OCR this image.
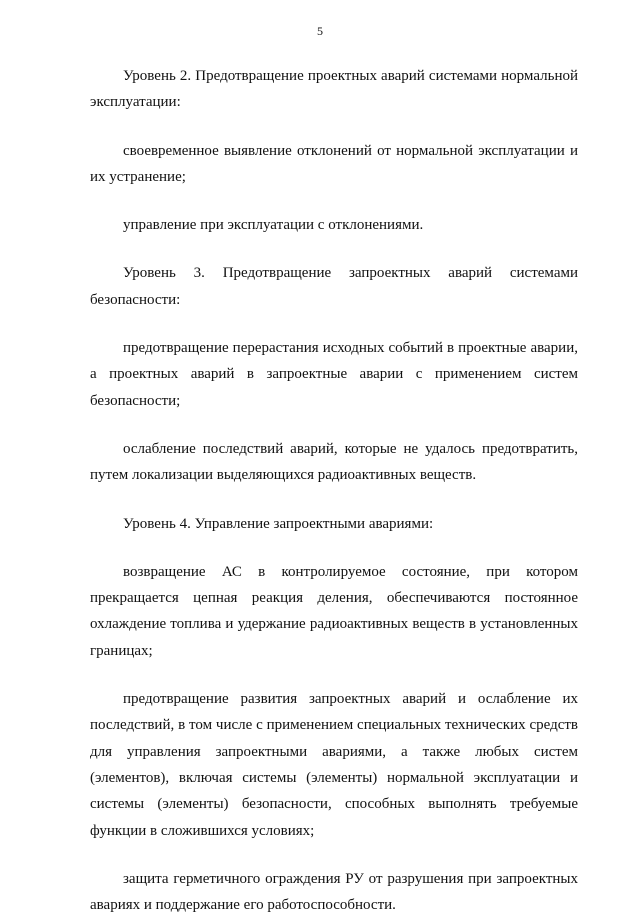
5

Уровень 2. Предотвращение проектных аварий системами нормальной эксплуатации:

своевременное выявление отклонений от нормальной эксплуатации и их устранение;

управление при эксплуатации с отклонениями.

Уровень 3. Предотвращение запроектных аварий системами безопасности:

предотвращение перерастания исходных событий в проектные аварии, а проектных аварий в запроектные аварии с применением систем безопасности;

ослабление последствий аварий, которые не удалось предотвратить, путем локализации выделяющихся радиоактивных веществ.

Уровень 4. Управление запроектными авариями:

возвращение АС в контролируемое состояние, при котором прекращается цепная реакция деления, обеспечиваются постоянное охлаждение топлива и удержание радиоактивных веществ в установленных границах;

предотвращение развития запроектных аварий и ослабление их последствий, в том числе с применением специальных технических средств для управления запроектными авариями, а также любых систем (элементов), включая системы (элементы) нормальной эксплуатации и системы (элементы) безопасности, способных выполнять требуемые функции в сложившихся условиях;

защита герметичного ограждения РУ от разрушения при запроектных авариях и поддержание его работоспособности.
